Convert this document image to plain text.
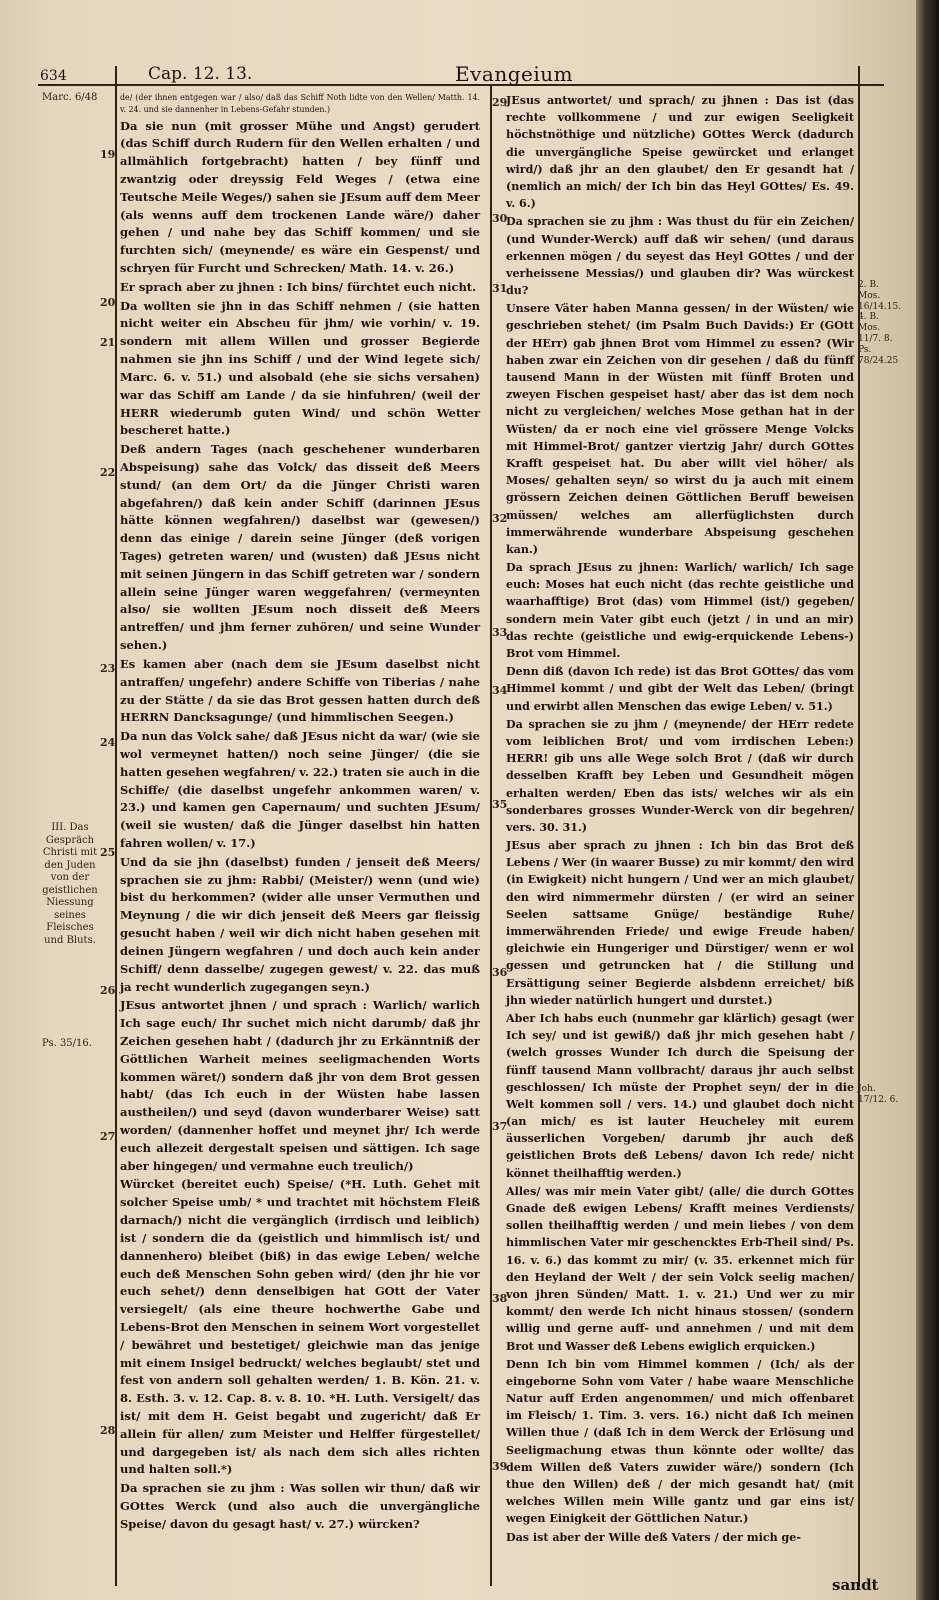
634	Cap. 12. 13.	Evangeium
Marc. 6/48
III. Das Gespräch Christi mit den Juden von der geistlichen Niessung seines Fleisches und Bluts.
Ps. 35/16.
2. B. Mos. 16/14.15. 4. B. Mos. 11/7. 8. Ps. 78/24.25
Joh. 17/12. 6.
19
20
21
22
23
24
25
26
27
28
29
30
31
32
33
34
35
36
37
38
39

de/ (der ihnen entgegen war / also/ daß das Schiff Noth lidte von den Wellen/ Matth. 14. v. 24. und sie dannenher in Lebens-Gefahr stunden.)

Da sie nun (mit grosser Mühe und Angst) gerudert (das Schiff durch Rudern für den Wellen erhalten / und allmählich fortgebracht) hatten / bey fünff und zwantzig oder dreyssig Feld Weges / (etwa eine Teutsche Meile Weges/) sahen sie JEsum auff dem Meer (als wenns auff dem trockenen Lande wäre/) daher gehen / und nahe bey das Schiff kommen/ und sie furchten sich/ (meynende/ es wäre ein Gespenst/ und schryen für Furcht und Schrecken/ Math. 14. v. 26.)

Er sprach aber zu jhnen : Ich bins/ fürchtet euch nicht.

Da wollten sie jhn in das Schiff nehmen / (sie hatten nicht weiter ein Abscheu für jhm/ wie vorhin/ v. 19. sondern mit allem Willen und grosser Begierde nahmen sie jhn ins Schiff / und der Wind legete sich/ Marc. 6. v. 51.) und alsobald (ehe sie sichs versahen) war das Schiff am Lande / da sie hinfuhren/ (weil der HERR wiederumb guten Wind/ und schön Wetter bescheret hatte.)

Deß andern Tages (nach geschehener wunderbaren Abspeisung) sahe das Volck/ das disseit deß Meers stund/ (an dem Ort/ da die Jünger Christi waren abgefahren/) daß kein ander Schiff (darinnen JEsus hätte können wegfahren/) daselbst war (gewesen/) denn das einige / darein seine Jünger (deß vorigen Tages) getreten waren/ und (wusten) daß JEsus nicht mit seinen Jüngern in das Schiff getreten war / sondern allein seine Jünger waren weggefahren/ (vermeynten also/ sie wollten JEsum noch disseit deß Meers antreffen/ und jhm ferner zuhören/ und seine Wunder sehen.)

Es kamen aber (nach dem sie JEsum daselbst nicht antraffen/ ungefehr) andere Schiffe von Tiberias / nahe zu der Stätte / da sie das Brot gessen hatten durch deß HERRN Dancksagunge/ (und himmlischen Seegen.)

Da nun das Volck sahe/ daß JEsus nicht da war/ (wie sie wol vermeynet hatten/) noch seine Jünger/ (die sie hatten gesehen wegfahren/ v. 22.) traten sie auch in die Schiffe/ (die daselbst ungefehr ankommen waren/ v. 23.) und kamen gen Capernaum/ und suchten JEsum/ (weil sie wusten/ daß die Jünger daselbst hin hatten fahren wollen/ v. 17.)

Und da sie jhn (daselbst) funden / jenseit deß Meers/ sprachen sie zu jhm: Rabbi/ (Meister/) wenn (und wie) bist du herkommen? (wider alle unser Vermuthen und Meynung / die wir dich jenseit deß Meers gar fleissig gesucht haben / weil wir dich nicht haben gesehen mit deinen Jüngern wegfahren / und doch auch kein ander Schiff/ denn dasselbe/ zugegen gewest/ v. 22. das muß ja recht wunderlich zugegangen seyn.)

JEsus antwortet jhnen / und sprach : Warlich/ warlich Ich sage euch/ Ihr suchet mich nicht darumb/ daß jhr Zeichen gesehen habt / (dadurch jhr zu Erkänntniß der Göttlichen Warheit meines seeligmachenden Worts kommen wäret/) sondern daß jhr von dem Brot gessen habt/ (das Ich euch in der Wüsten habe lassen austheilen/) und seyd (davon wunderbarer Weise) satt worden/ (dannenher hoffet und meynet jhr/ Ich werde euch allezeit dergestalt speisen und sättigen. Ich sage aber hingegen/ und vermahne euch treulich/)

Würcket (bereitet euch) Speise/ (*H. Luth. Gehet mit solcher Speise umb/ * und trachtet mit höchstem Fleiß darnach/) nicht die vergänglich (irrdisch und leiblich) ist / sondern die da (geistlich und himmlisch ist/ und dannenhero) bleibet (biß) in das ewige Leben/ welche euch deß Menschen Sohn geben wird/ (den jhr hie vor euch sehet/) denn denselbigen hat GOtt der Vater versiegelt/ (als eine theure hochwerthe Gabe und Lebens-Brot den Menschen in seinem Wort vorgestellet / bewähret und bestetiget/ gleichwie man das jenige mit einem Insigel bedruckt/ welches beglaubt/ stet und fest von andern soll gehalten werden/ 1. B. Kön. 21. v. 8. Esth. 3. v. 12. Cap. 8. v. 8. 10. *H. Luth. Versigelt/ das ist/ mit dem H. Geist begabt und zugericht/ daß Er allein für allen/ zum Meister und Helffer fürgestellet/ und dargegeben ist/ als nach dem sich alles richten und halten soll.*)

Da sprachen sie zu jhm : Was sollen wir thun/ daß wir GOttes Werck (und also auch die unvergängliche Speise/ davon du gesagt hast/ v. 27.) würcken?

JEsus antwortet/ und sprach/ zu jhnen : Das ist (das rechte vollkommene / und zur ewigen Seeligkeit höchstnöthige und nützliche) GOttes Werck (dadurch die unvergängliche Speise gewürcket und erlanget wird/) daß jhr an den glaubet/ den Er gesandt hat / (nemlich an mich/ der Ich bin das Heyl GOttes/ Es. 49. v. 6.)

Da sprachen sie zu jhm : Was thust du für ein Zeichen/ (und Wunder-Werck) auff daß wir sehen/ (und daraus erkennen mögen / du seyest das Heyl GOttes / und der verheissene Messias/) und glauben dir? Was würckest du?

Unsere Väter haben Manna gessen/ in der Wüsten/ wie geschrieben stehet/ (im Psalm Buch Davids:) Er (GOtt der HErr) gab jhnen Brot vom Himmel zu essen? (Wir haben zwar ein Zeichen von dir gesehen / daß du fünff tausend Mann in der Wüsten mit fünff Broten und zweyen Fischen gespeiset hast/ aber das ist dem noch nicht zu vergleichen/ welches Mose gethan hat in der Wüsten/ da er noch eine viel grössere Menge Volcks mit Himmel-Brot/ gantzer viertzig Jahr/ durch GOttes Krafft gespeiset hat. Du aber willt viel höher/ als Moses/ gehalten seyn/ so wirst du ja auch mit einem grössern Zeichen deinen Göttlichen Beruff beweisen müssen/ welches am allerfüglichsten durch immerwährende wunderbare Abspeisung geschehen kan.)

Da sprach JEsus zu jhnen: Warlich/ warlich/ Ich sage euch: Moses hat euch nicht (das rechte geistliche und waarhafftige) Brot (das) vom Himmel (ist/) gegeben/ sondern mein Vater gibt euch (jetzt / in und an mir) das rechte (geistliche und ewig-erquickende Lebens-) Brot vom Himmel.

Denn diß (davon Ich rede) ist das Brot GOttes/ das vom Himmel kommt / und gibt der Welt das Leben/ (bringt und erwirbt allen Menschen das ewige Leben/ v. 51.)

Da sprachen sie zu jhm / (meynende/ der HErr redete vom leiblichen Brot/ und vom irrdischen Leben:) HERR! gib uns alle Wege solch Brot / (daß wir durch desselben Krafft bey Leben und Gesundheit mögen erhalten werden/ Eben das ists/ welches wir als ein sonderbares grosses Wunder-Werck von dir begehren/ vers. 30. 31.)

JEsus aber sprach zu jhnen : Ich bin das Brot deß Lebens / Wer (in waarer Busse) zu mir kommt/ den wird (in Ewigkeit) nicht hungern / Und wer an mich glaubet/ den wird nimmermehr dürsten / (er wird an seiner Seelen sattsame Gnüge/ beständige Ruhe/ immerwährenden Friede/ und ewige Freude haben/ gleichwie ein Hungeriger und Dürstiger/ wenn er wol gessen und getruncken hat / die Stillung und Ersättigung seiner Begierde alsbdenn erreichet/ biß jhn wieder natürlich hungert und durstet.)

Aber Ich habs euch (nunmehr gar klärlich) gesagt (wer Ich sey/ und ist gewiß/) daß jhr mich gesehen habt / (welch grosses Wunder Ich durch die Speisung der fünff tausend Mann vollbracht/ daraus jhr auch selbst geschlossen/ Ich müste der Prophet seyn/ der in die Welt kommen soll / vers. 14.) und glaubet doch nicht (an mich/ es ist lauter Heucheley mit eurem äusserlichen Vorgeben/ darumb jhr auch deß geistlichen Brots deß Lebens/ davon Ich rede/ nicht könnet theilhafftig werden.)

Alles/ was mir mein Vater gibt/ (alle/ die durch GOttes Gnade deß ewigen Lebens/ Krafft meines Verdiensts/ sollen theilhafftig werden / und mein liebes / von dem himmlischen Vater mir geschencktes Erb-Theil sind/ Ps. 16. v. 6.) das kommt zu mir/ (v. 35. erkennet mich für den Heyland der Welt / der sein Volck seelig machen/ von jhren Sünden/ Matt. 1. v. 21.) Und wer zu mir kommt/ den werde Ich nicht hinaus stossen/ (sondern willig und gerne auff- und annehmen / und mit dem Brot und Wasser deß Lebens ewiglich erquicken.)

Denn Ich bin vom Himmel kommen / (Ich/ als der eingeborne Sohn vom Vater / habe waare Menschliche Natur auff Erden angenommen/ und mich offenbaret im Fleisch/ 1. Tim. 3. vers. 16.) nicht daß Ich meinen Willen thue / (daß Ich in dem Werck der Erlösung und Seeligmachung etwas thun könnte oder wollte/ das dem Willen deß Vaters zuwider wäre/) sondern (Ich thue den Willen) deß / der mich gesandt hat/ (mit welches Willen mein Wille gantz und gar eins ist/ wegen Einigkeit der Göttlichen Natur.)

Das ist aber der Wille deß Vaters / der mich ge-

sandt
